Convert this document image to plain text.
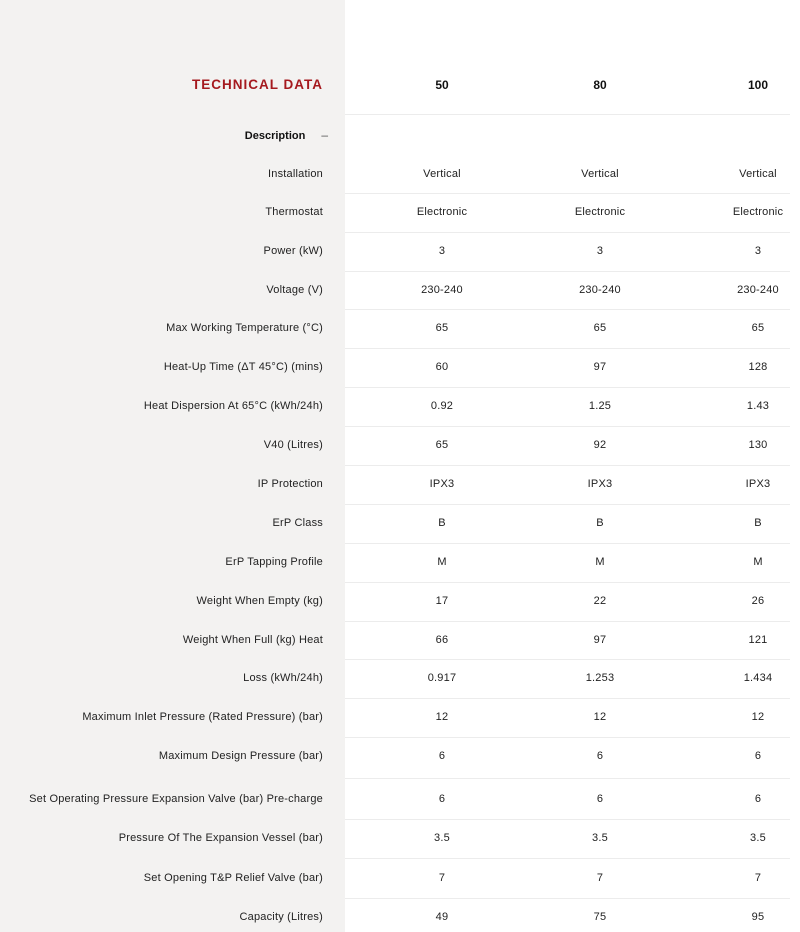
TECHNICAL DATA	50	80	100
Description –
Installation	Vertical	Vertical	Vertical
Thermostat	Electronic	Electronic	Electronic
Power (kW)	3	3	3
Voltage (V)	230-240	230-240	230-240
Max Working Temperature (°C)	65	65	65
Heat-Up Time (ΔT 45°C) (mins)	60	97	128
Heat Dispersion At 65°C (kWh/24h)	0.92	1.25	1.43
V40 (Litres)	65	92	130
IP Protection	IPX3	IPX3	IPX3
ErP Class	B	B	B
ErP Tapping Profile	M	M	M
Weight When Empty (kg)	17	22	26
Weight When Full (kg) Heat	66	97	121
Loss (kWh/24h)	0.917	1.253	1.434
Maximum Inlet Pressure (Rated Pressure) (bar)	12	12	12
Maximum Design Pressure (bar)	6	6	6
Set Operating Pressure Expansion Valve (bar) Pre-charge	6	6	6
Pressure Of The Expansion Vessel (bar)	3.5	3.5	3.5
Set Opening T&P Relief Valve (bar)	7	7	7
Capacity (Litres)	49	75	95
